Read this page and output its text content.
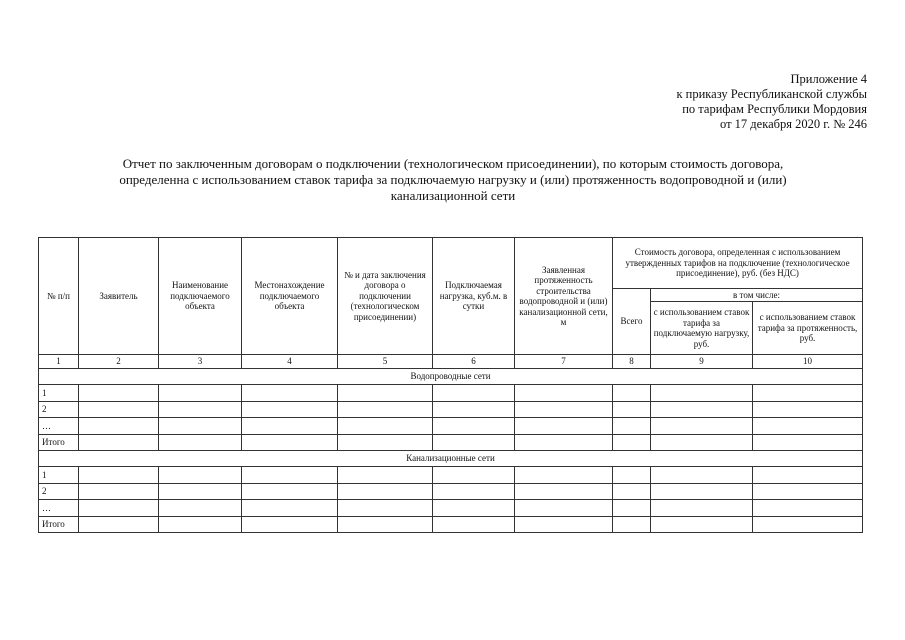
Приложение 4
к приказу Республиканской службы
по тарифам Республики Мордовия
от 17 декабря 2020 г. № 246
Отчет по заключенным договорам о подключении (технологическом присоединении), по которым стоимость договора,
определенна с использованием ставок тарифа за подключаемую нагрузку и (или) протяженность водопроводной и (или)
канализационной сети
№ п/п	Заявитель	Наименование подключаемого объекта	Местонахождение подключаемого объекта	№ и дата заключения договора о подключении (технологическом присоединении)	Подключаемая нагрузка, куб.м. в сутки	Заявленная протяженность строительства водопроводной и (или) канализационной сети, м	Стоимость договора, определенная с использованием утвержденных тарифов на подключение (технологическое присоединение), руб. (без НДС)		
							Всего	в том числе:	
								с использованием ставок тарифа за подключаемую нагрузку, руб.	с использованием ставок тарифа за протяженность, руб.
1	2	3	4	5	6	7	8	9	10
Водопроводные сети									
1									
2									
…									
Итого									
Канализационные сети									
1									
2									
…									
Итого									
